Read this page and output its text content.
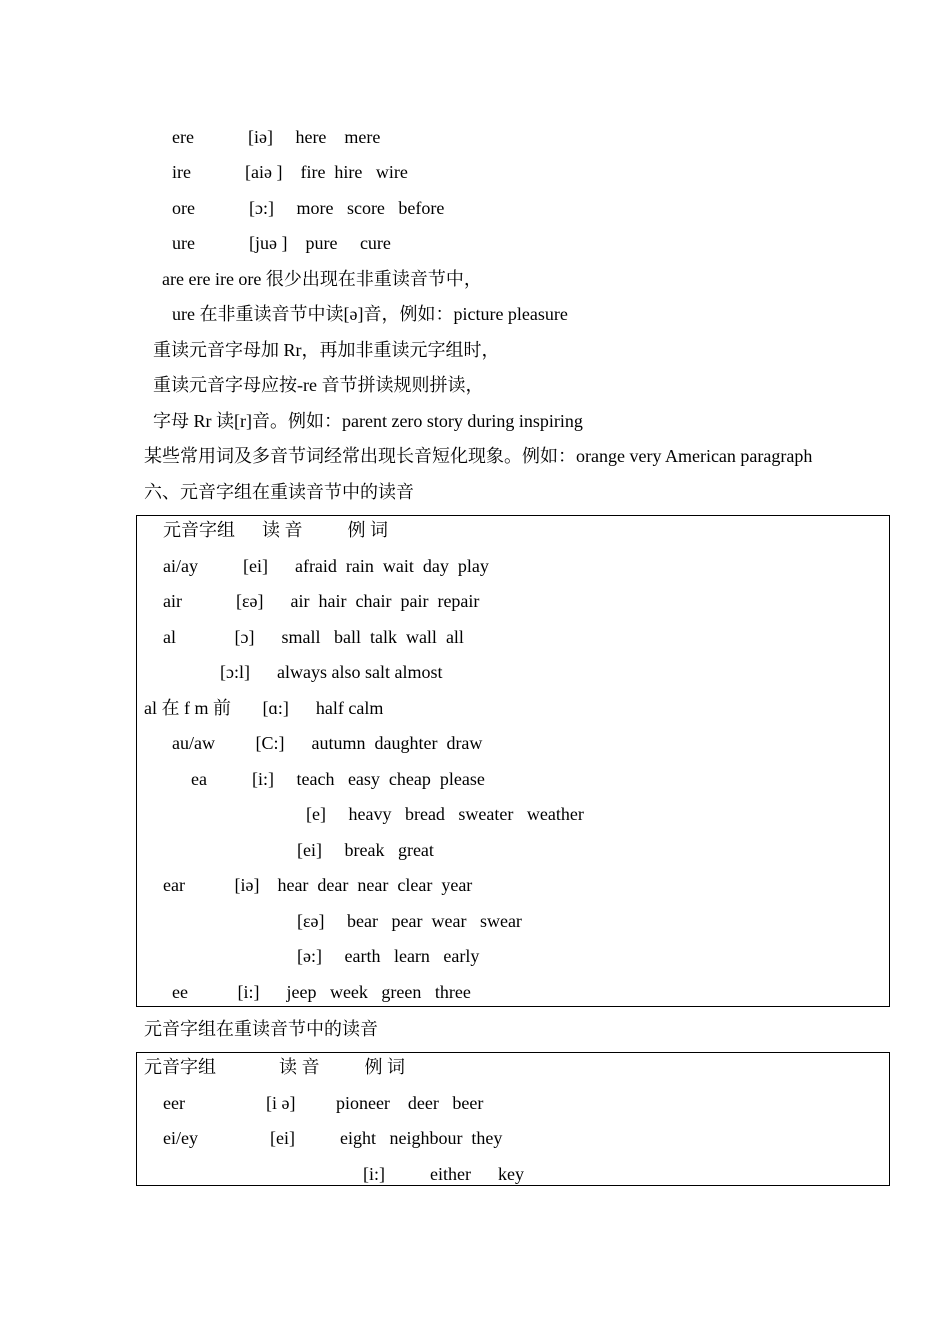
ere            [iə]     here    mere
ire            [aiə ]    fire  hire   wire
ore            [ɔ:]     more   score   before
ure            [juə ]    pure     cure
are ere ire ore 很少出现在非重读音节中，
ure 在非重读音节中读[ə]音，例如：picture pleasure
重读元音字母加 Rr，再加非重读元字组时，
重读元音字母应按-re 音节拼读规则拼读，
字母 Rr 读[r]音。例如：parent zero story during inspiring
某些常用词及多音节词经常出现长音短化现象。例如：orange very American paragraph
六、元音字组在重读音节中的读音
元音字组      读 音          例 词
ai/ay          [ei]      afraid  rain  wait  day  play
air            [εə]      air  hair  chair  pair  repair
al             [ɔ]      small   ball  talk  wall  all
[ɔ:l]      always also salt almost
al 在 f m 前       [ɑ:]      half calm
au/aw         [C:]      autumn  daughter  draw
ea          [i:]     teach   easy  cheap  please
[e]     heavy   bread   sweater   weather
[ei]     break   great
ear           [iə]    hear  dear  near  clear  year
[εə]     bear   pear  wear   swear
[ə:]     earth   learn   early
ee           [i:]      jeep   week   green   three
元音字组在重读音节中的读音
元音字组              读 音          例 词
eer                  [i ə]         pioneer    deer   beer
ei/ey                [ei]          eight   neighbour  they
[i:]          either      key
